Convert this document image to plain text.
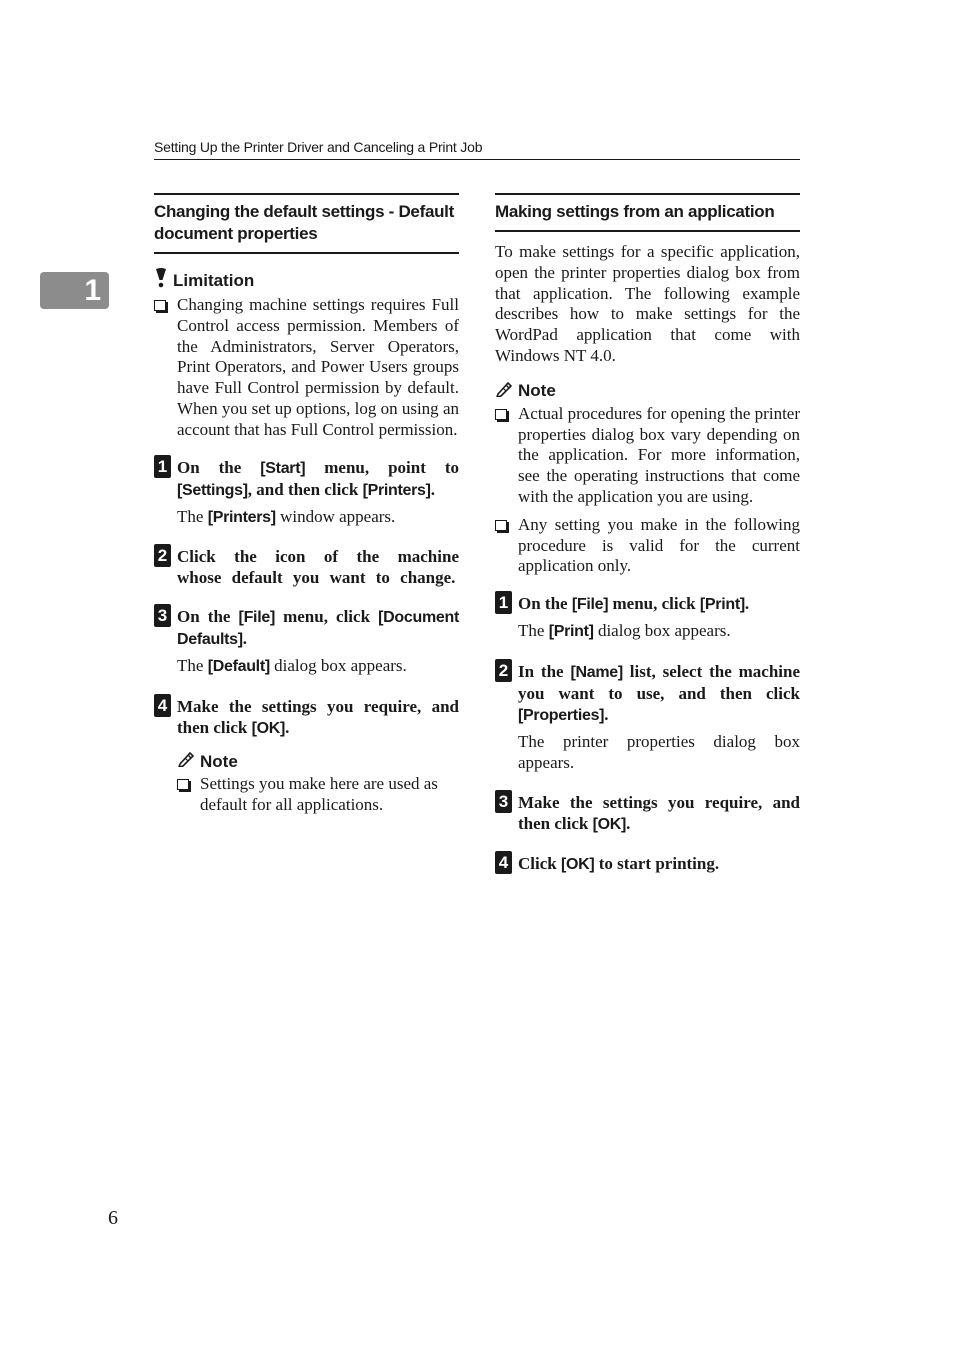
Setting Up the Printer Driver and Canceling a Print Job
1
Changing the default settings - Default document properties
Limitation
Changing machine settings requires Full Control access permission. Members of the Administrators, Server Operators, Print Operators, and Power Users groups have Full Control permission by default. When you set up options, log on using an account that has Full Control permission.
1 On the [Start] menu, point to [Settings], and then click [Printers].
The [Printers] window appears.
2 Click the icon of the machine whose default you want to change.
3 On the [File] menu, click [Document Defaults].
The [Default] dialog box appears.
4 Make the settings you require, and then click [OK].
Note
Settings you make here are used as default for all applications.
Making settings from an application
To make settings for a specific application, open the printer properties dialog box from that application. The following example describes how to make settings for the WordPad application that come with Windows NT 4.0.
Note
Actual procedures for opening the printer properties dialog box vary depending on the application. For more information, see the operating instructions that come with the application you are using.
Any setting you make in the following procedure is valid for the current application only.
1 On the [File] menu, click [Print].
The [Print] dialog box appears.
2 In the [Name] list, select the machine you want to use, and then click [Properties].
The printer properties dialog box appears.
3 Make the settings you require, and then click [OK].
4 Click [OK] to start printing.
6
